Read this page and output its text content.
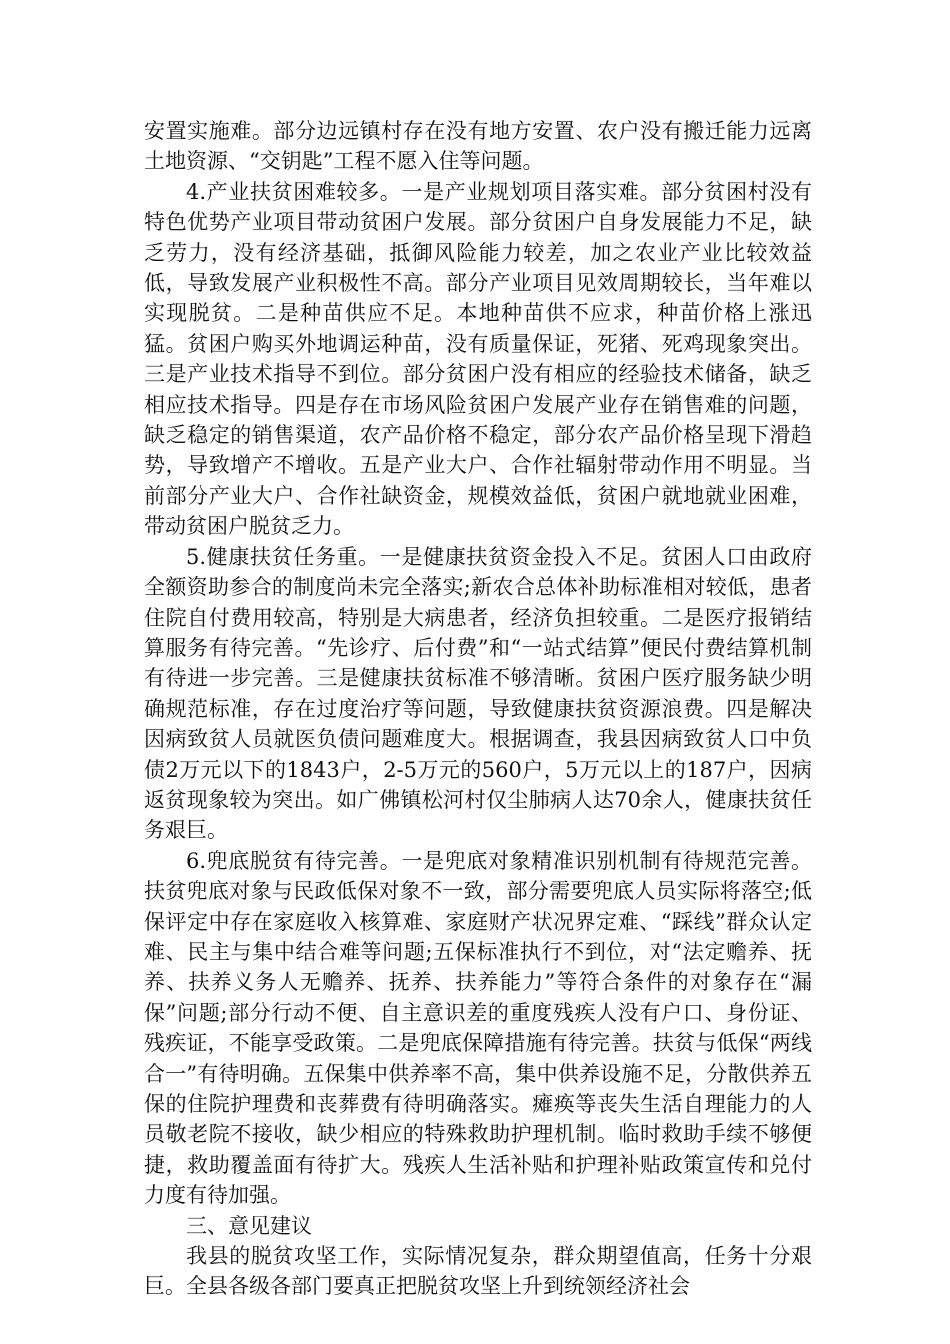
安置实施难。部分边远镇村存在没有地方安置、农户没有搬迁能力远离土地资源、“交钥匙”工程不愿入住等问题。

4.产业扶贫困难较多。一是产业规划项目落实难。部分贫困村没有特色优势产业项目带动贫困户发展。部分贫困户自身发展能力不足，缺乏劳力，没有经济基础，抵御风险能力较差，加之农业产业比较效益低，导致发展产业积极性不高。部分产业项目见效周期较长，当年难以实现脱贫。二是种苗供应不足。本地种苗供不应求，种苗价格上涨迅猛。贫困户购买外地调运种苗，没有质量保证，死猪、死鸡现象突出。三是产业技术指导不到位。部分贫困户没有相应的经验技术储备，缺乏相应技术指导。四是存在市场风险贫困户发展产业存在销售难的问题，缺乏稳定的销售渠道，农产品价格不稳定，部分农产品价格呈现下滑趋势，导致增产不增收。五是产业大户、合作社辐射带动作用不明显。当前部分产业大户、合作社缺资金，规模效益低，贫困户就地就业困难，带动贫困户脱贫乏力。

5.健康扶贫任务重。一是健康扶贫资金投入不足。贫困人口由政府全额资助参合的制度尚未完全落实;新农合总体补助标准相对较低，患者住院自付费用较高，特别是大病患者，经济负担较重。二是医疗报销结算服务有待完善。“先诊疗、后付费”和“一站式结算”便民付费结算机制有待进一步完善。三是健康扶贫标准不够清晰。贫困户医疗服务缺少明确规范标准，存在过度治疗等问题，导致健康扶贫资源浪费。四是解决因病致贫人员就医负债问题难度大。根据调查，我县因病致贫人口中负债2万元以下的1843户，2-5万元的560户，5万元以上的187户，因病返贫现象较为突出。如广佛镇松河村仅尘肺病人达70余人，健康扶贫任务艰巨。

6.兜底脱贫有待完善。一是兜底对象精准识别机制有待规范完善。扶贫兜底对象与民政低保对象不一致，部分需要兜底人员实际将落空;低保评定中存在家庭收入核算难、家庭财产状况界定难、“踩线”群众认定难、民主与集中结合难等问题;五保标准执行不到位，对“法定赡养、抚养、扶养义务人无赡养、抚养、扶养能力”等符合条件的对象存在“漏保”问题;部分行动不便、自主意识差的重度残疾人没有户口、身份证、残疾证，不能享受政策。二是兜底保障措施有待完善。扶贫与低保“两线合一”有待明确。五保集中供养率不高，集中供养设施不足，分散供养五保的住院护理费和丧葬费有待明确落实。瘫痪等丧失生活自理能力的人员敬老院不接收，缺少相应的特殊救助护理机制。临时救助手续不够便捷，救助覆盖面有待扩大。残疾人生活补贴和护理补贴政策宣传和兑付力度有待加强。

三、意见建议

我县的脱贫攻坚工作，实际情况复杂，群众期望值高，任务十分艰巨。全县各级各部门要真正把脱贫攻坚上升到统领经济社会
